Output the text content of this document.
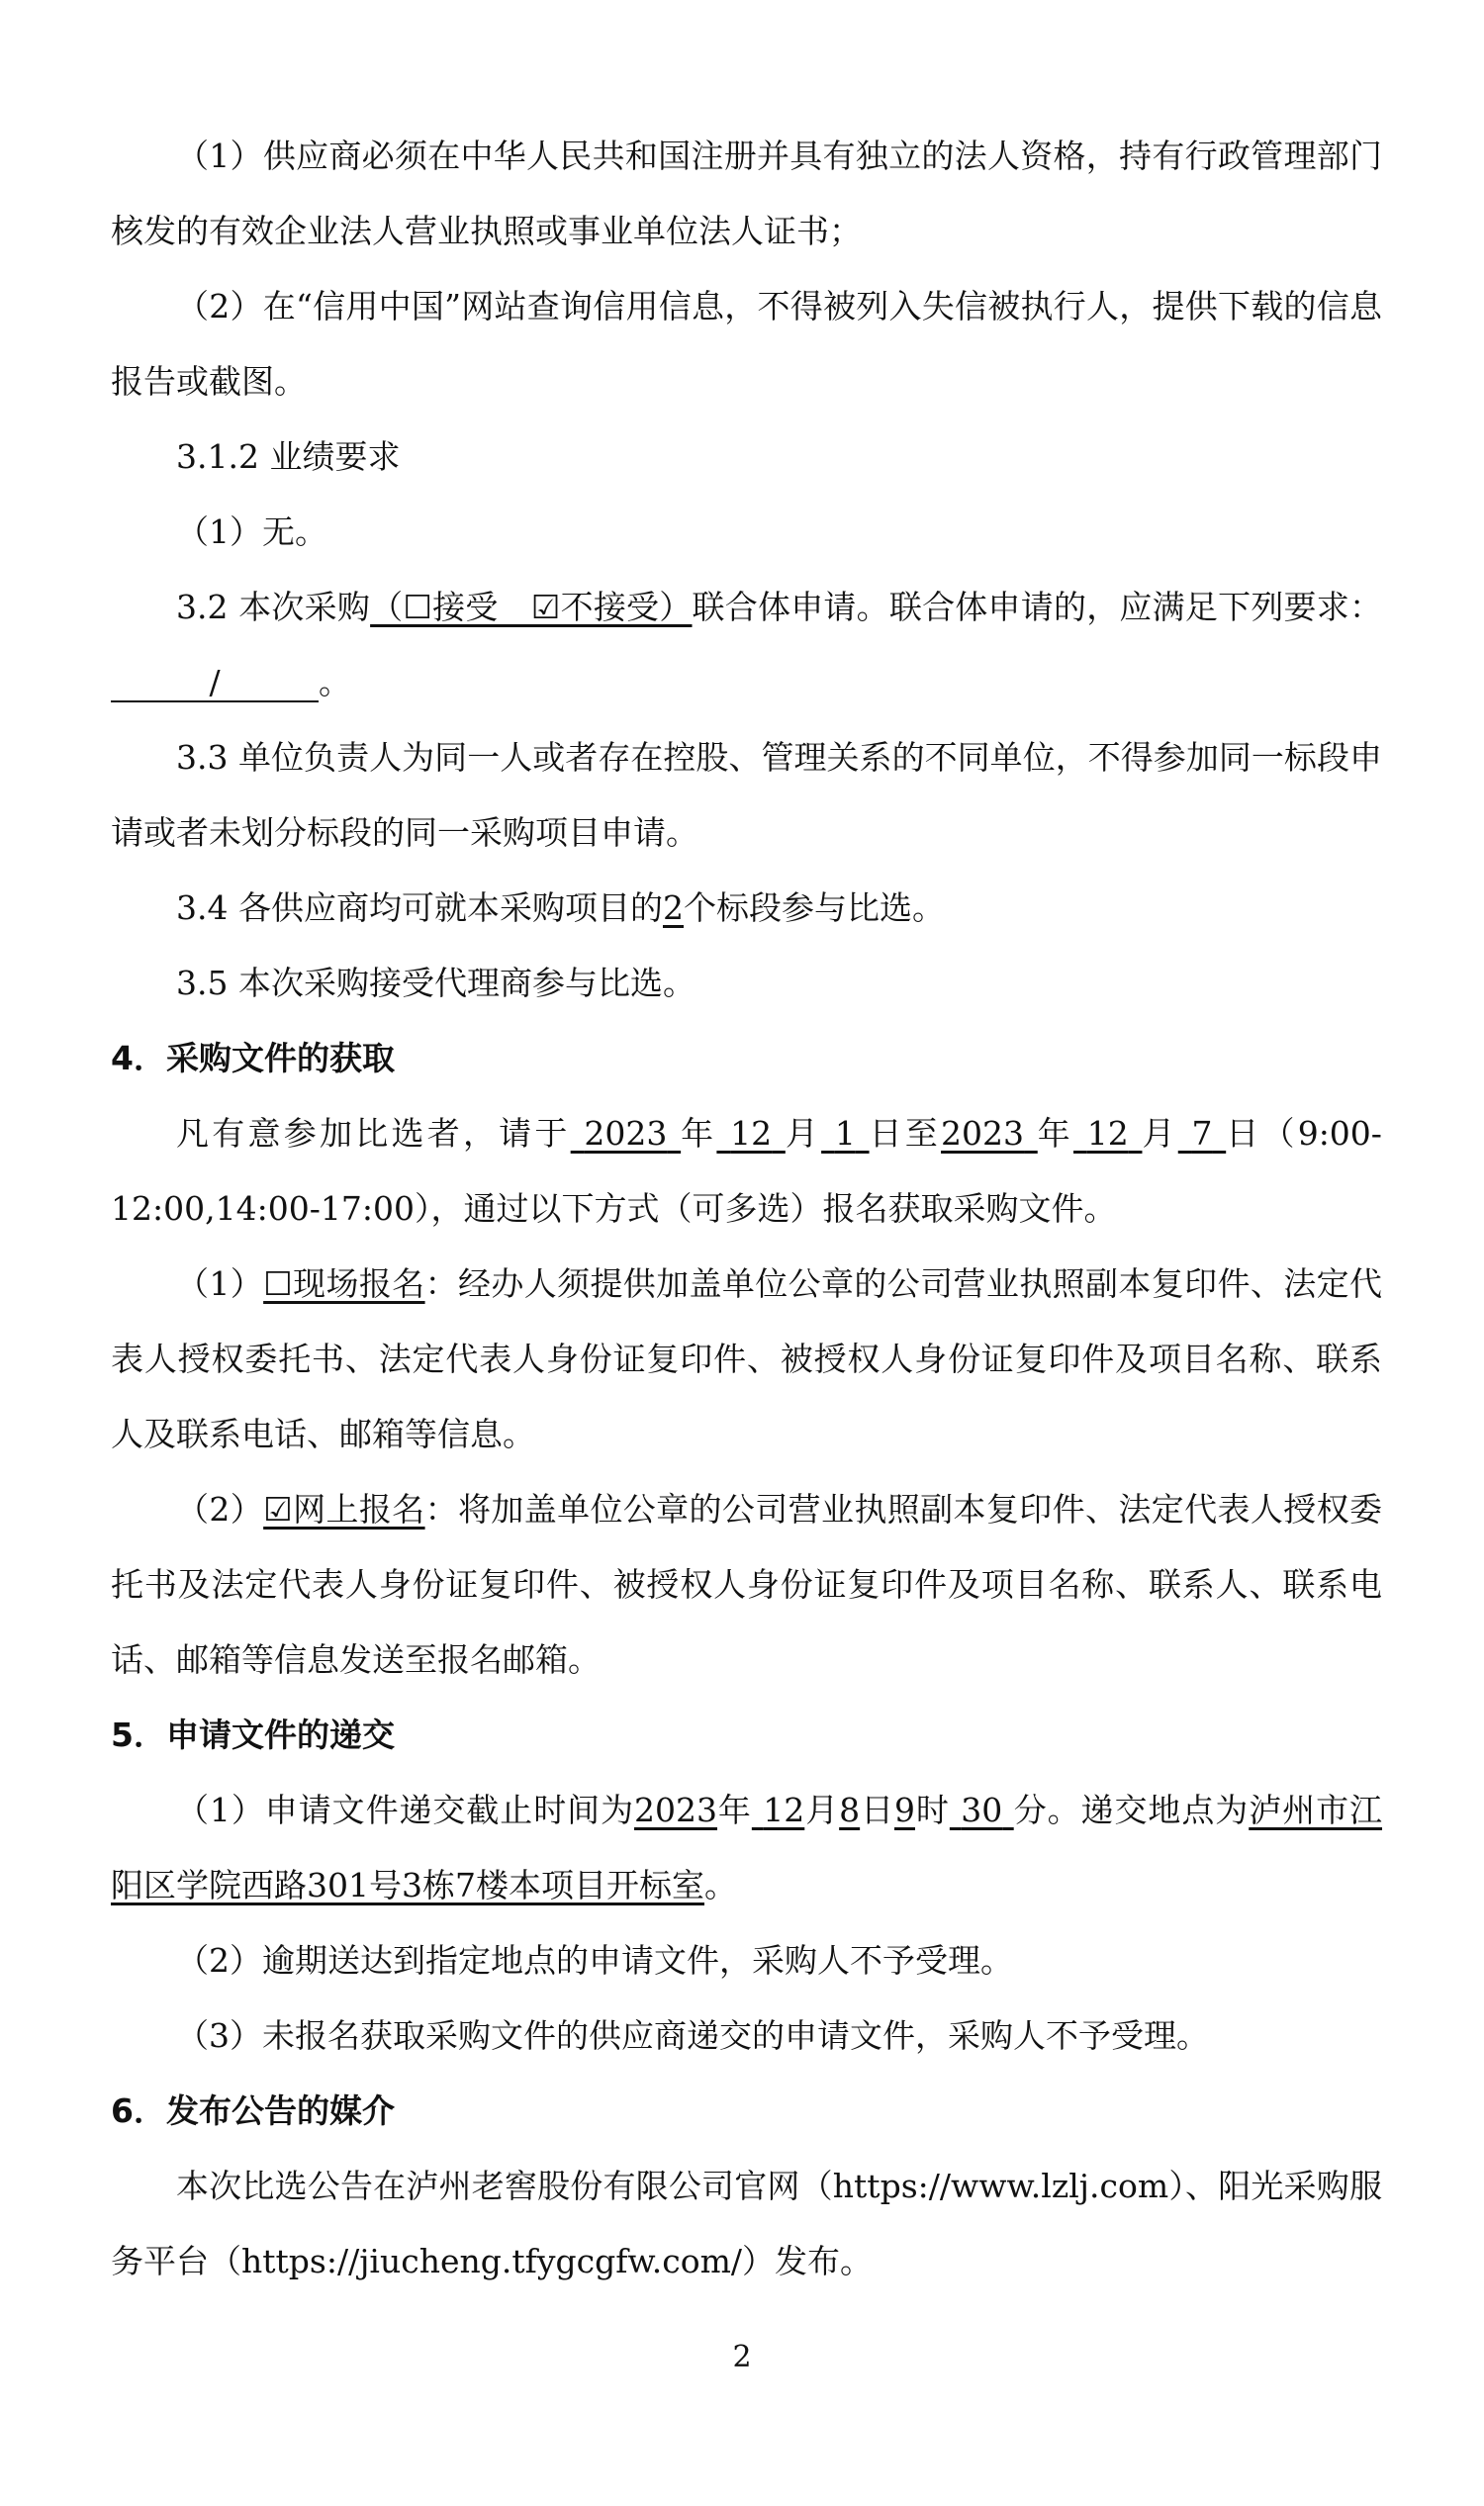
（1）供应商必须在中华人民共和国注册并具有独立的法人资格，持有行政管理部门核发的有效企业法人营业执照或事业单位法人证书；

（2）在“信用中国”网站查询信用信息，不得被列入失信被执行人，提供下载的信息报告或截图。

3.1.2 业绩要求

（1）无。

3.2 本次采购（☐接受　☑不接受）联合体申请。联合体申请的，应满足下列要求：/	。

3.3 单位负责人为同一人或者存在控股、管理关系的不同单位，不得参加同一标段申请或者未划分标段的同一采购项目申请。

3.4 各供应商均可就本采购项目的2个标段参与比选。

3.5 本次采购接受代理商参与比选。

4．采购文件的获取

凡有意参加比选者，请于 2023 年 12 月 1 日至2023 年 12 月 7 日（9:00-12:00,14:00-17:00），通过以下方式（可多选）报名获取采购文件。

（1）☐现场报名：经办人须提供加盖单位公章的公司营业执照副本复印件、法定代表人授权委托书、法定代表人身份证复印件、被授权人身份证复印件及项目名称、联系人及联系电话、邮箱等信息。

（2）☑网上报名：将加盖单位公章的公司营业执照副本复印件、法定代表人授权委托书及法定代表人身份证复印件、被授权人身份证复印件及项目名称、联系人、联系电话、邮箱等信息发送至报名邮箱。

5．申请文件的递交

（1）申请文件递交截止时间为2023年 12月8日9时 30 分。递交地点为泸州市江阳区学院西路301号3栋7楼本项目开标室。

（2）逾期送达到指定地点的申请文件，采购人不予受理。

（3）未报名获取采购文件的供应商递交的申请文件，采购人不予受理。

6．发布公告的媒介

本次比选公告在泸州老窖股份有限公司官网（https://www.lzlj.com）、阳光采购服务平台（https://jiucheng.tfygcgfw.com/）发布。

2
